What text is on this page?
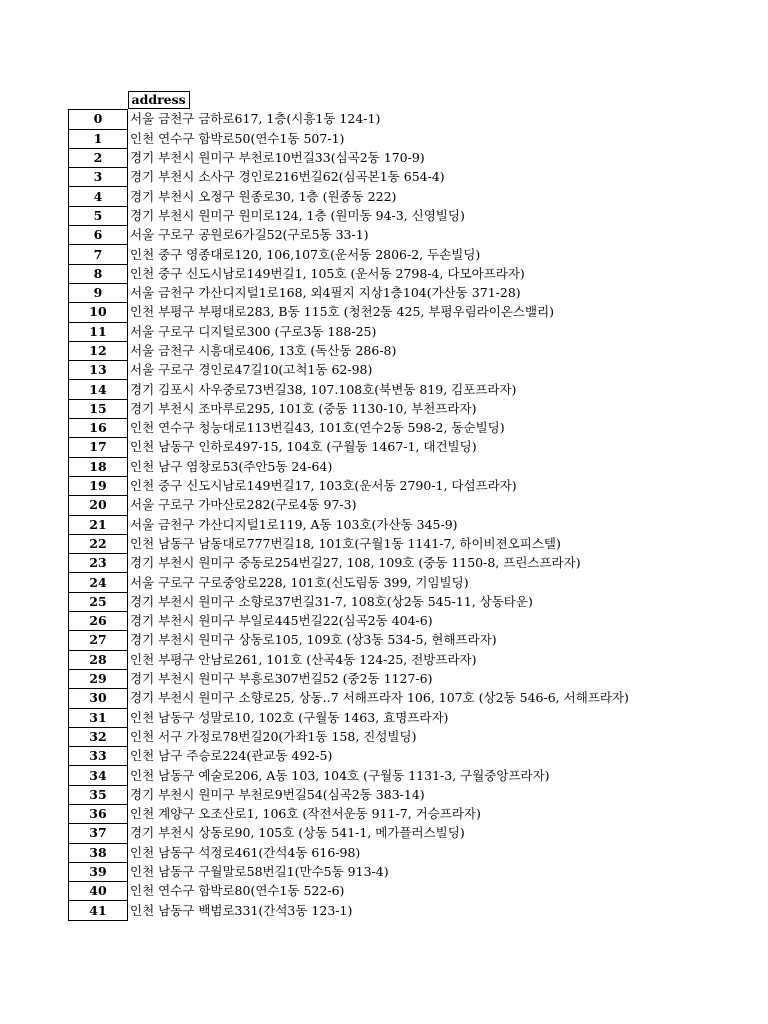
	address
0	서울 금천구 금하로617, 1층(시흥1동 124-1)
1	인천 연수구 함박로50(연수1동 507-1)
2	경기 부천시 원미구 부천로10번길33(심곡2동 170-9)
3	경기 부천시 소사구 경인로216번길62(심곡본1동 654-4)
4	경기 부천시 오정구 원종로30, 1층 (원종동 222)
5	경기 부천시 원미구 원미로124, 1층 (원미동 94-3, 신영빌딩)
6	서울 구로구 공원로6가길52(구로5동 33-1)
7	인천 중구 영종대로120, 106,107호(운서동 2806-2, 두손빌딩)
8	인천 중구 신도시남로149번길1, 105호 (운서동 2798-4, 다모아프라자)
9	서울 금천구 가산디지털1로168, 외4필지 지상1층104(가산동 371-28)
10	인천 부평구 부평대로283, B동 115호 (청천2동 425, 부평우림라이온스밸리)
11	서울 구로구 디지털로300 (구로3동 188-25)
12	서울 금천구 시흥대로406, 13호 (독산동 286-8)
13	서울 구로구 경인로47길10(고척1동 62-98)
14	경기 김포시 사우중로73번길38, 107.108호(북변동 819, 김포프라자)
15	경기 부천시 조마루로295, 101호 (중동 1130-10, 부천프라자)
16	인천 연수구 청능대로113번길43, 101호(연수2동 598-2, 동순빌딩)
17	인천 남동구 인하로497-15, 104호 (구월동 1467-1, 대건빌딩)
18	인천 남구 염창로53(주안5동 24-64)
19	인천 중구 신도시남로149번길17, 103호(운서동 2790-1, 다섬프라자)
20	서울 구로구 가마산로282(구로4동 97-3)
21	서울 금천구 가산디지털1로119, A동 103호(가산동 345-9)
22	인천 남동구 남동대로777번길18, 101호(구월1동 1141-7, 하이비젼오피스텔)
23	경기 부천시 원미구 중동로254번길27, 108, 109호 (중동 1150-8, 프린스프라자)
24	서울 구로구 구로중앙로228, 101호(신도림동 399, 기임빌딩)
25	경기 부천시 원미구 소향로37번길31-7, 108호(상2동 545-11, 상동타운)
26	경기 부천시 원미구 부일로445번길22(심곡2동 404-6)
27	경기 부천시 원미구 상동로105, 109호 (상3동 534-5, 현해프라자)
28	인천 부평구 안남로261, 101호 (산곡4동 124-25, 전방프라자)
29	경기 부천시 원미구 부흥로307번길52 (중2동 1127-6)
30	경기 부천시 원미구 소향로25, 상동..7 서해프라자 106, 107호 (상2동 546-6, 서해프라자)
31	인천 남동구 성말로10, 102호 (구월동 1463, 효명프라자)
32	인천 서구 가정로78번길20(가좌1동 158, 진성빌딩)
33	인천 남구 주승로224(관교동 492-5)
34	인천 남동구 예술로206, A동 103, 104호 (구월동 1131-3, 구월중앙프라자)
35	경기 부천시 원미구 부천로9번길54(심곡2동 383-14)
36	인천 계양구 오조산로1, 106호 (작전서운동 911-7, 거승프라자)
37	경기 부천시 상동로90, 105호 (상동 541-1, 메가플러스빌딩)
38	인천 남동구 석정로461(간석4동 616-98)
39	인천 남동구 구월말로58번길1(만수5동 913-4)
40	인천 연수구 함박로80(연수1동 522-6)
41	인천 남동구 백범로331(간석3동 123-1)
